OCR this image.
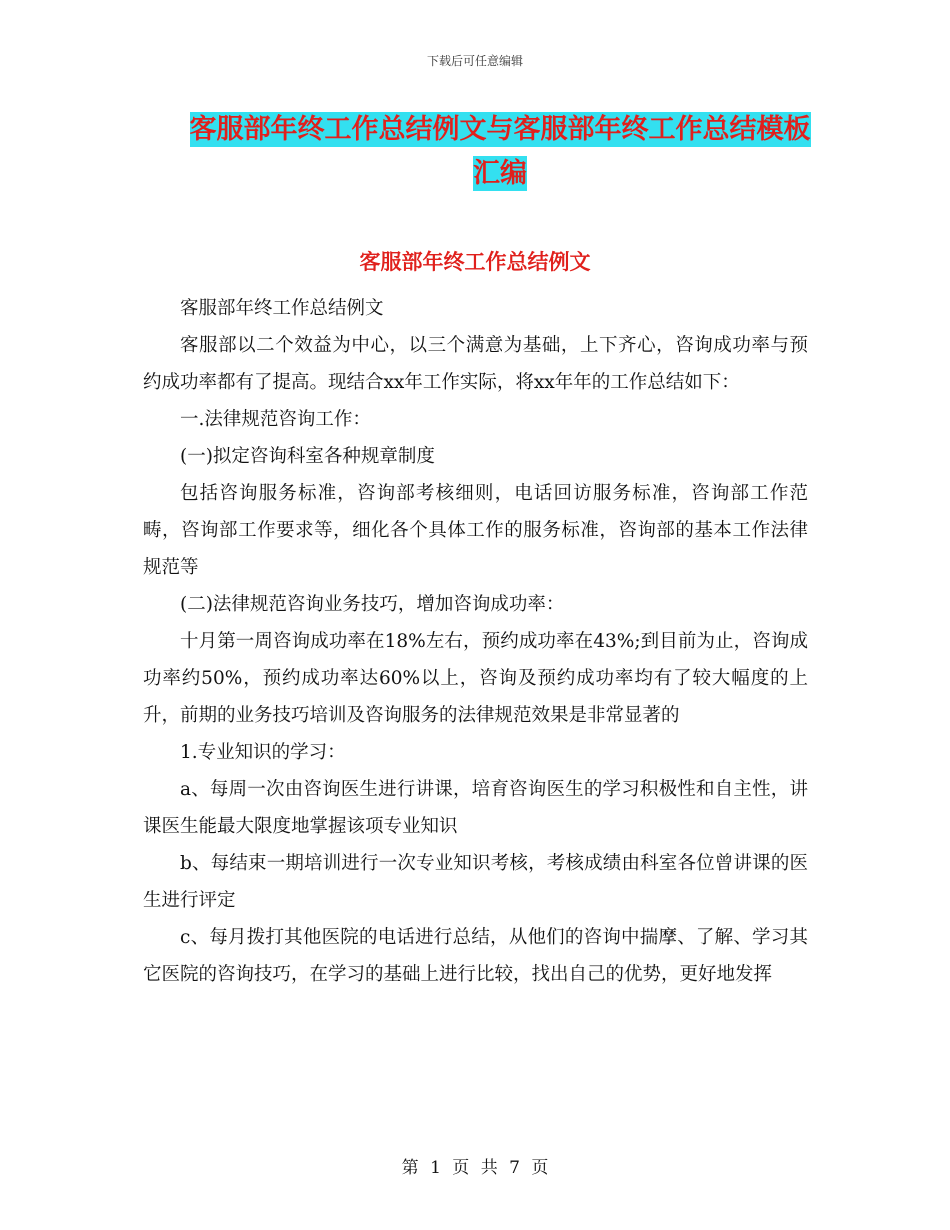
下载后可任意编辑
客服部年终工作总结例文与客服部年终工作总结模板
汇编
客服部年终工作总结例文

客服部年终工作总结例文

客服部以二个效益为中心，以三个满意为基础，上下齐心，咨询成功率与预约成功率都有了提高。现结合xx年工作实际，将xx年年的工作总结如下：

一.法律规范咨询工作：

(一)拟定咨询科室各种规章制度

包括咨询服务标准，咨询部考核细则，电话回访服务标准，咨询部工作范畴，咨询部工作要求等，细化各个具体工作的服务标准，咨询部的基本工作法律规范等

(二)法律规范咨询业务技巧，增加咨询成功率：

十月第一周咨询成功率在18%左右，预约成功率在43%;到目前为止，咨询成功率约50%，预约成功率达60%以上，咨询及预约成功率均有了较大幅度的上升，前期的业务技巧培训及咨询服务的法律规范效果是非常显著的

1.专业知识的学习：

a、每周一次由咨询医生进行讲课，培育咨询医生的学习积极性和自主性，讲课医生能最大限度地掌握该项专业知识

b、每结束一期培训进行一次专业知识考核，考核成绩由科室各位曾讲课的医生进行评定

c、每月拨打其他医院的电话进行总结，从他们的咨询中揣摩、了解、学习其它医院的咨询技巧，在学习的基础上进行比较，找出自己的优势，更好地发挥

第 1 页 共 7 页
